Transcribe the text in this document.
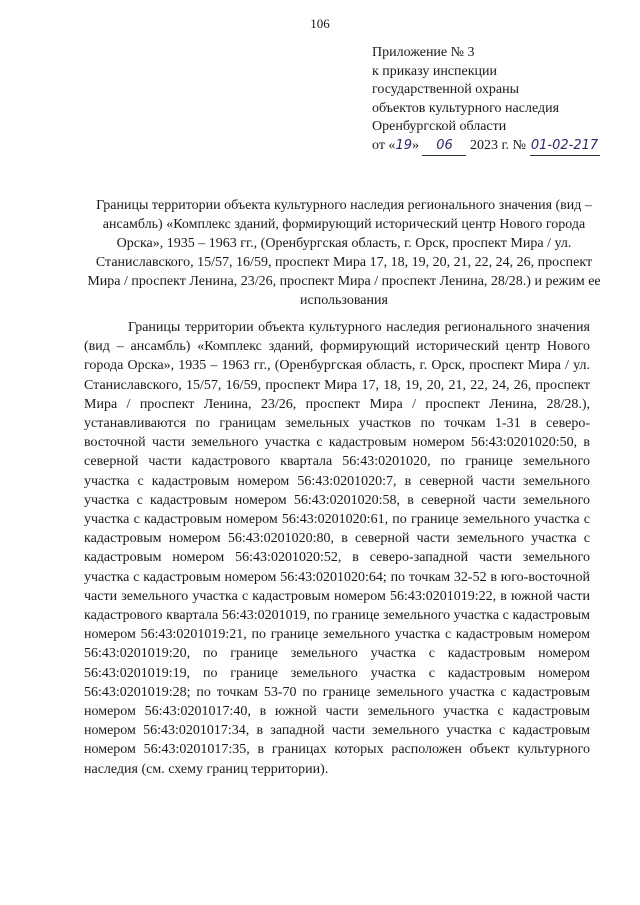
106
Приложение № 3
к приказу инспекции
государственной охраны
объектов культурного наследия
Оренбургской области
от «19» 06 2023 г. № 01-02-217
Границы территории объекта культурного наследия регионального значения (вид – ансамбль) «Комплекс зданий, формирующий исторический центр Нового города Орска», 1935 – 1963 гг., (Оренбургская область, г. Орск, проспект Мира / ул. Станиславского, 15/57, 16/59, проспект Мира 17, 18, 19, 20, 21, 22, 24, 26, проспект Мира / проспект Ленина, 23/26, проспект Мира / проспект Ленина, 28/28.) и режим ее использования
Границы территории объекта культурного наследия регионального значения (вид – ансамбль) «Комплекс зданий, формирующий исторический центр Нового города Орска», 1935 – 1963 гг., (Оренбургская область, г. Орск, проспект Мира / ул. Станиславского, 15/57, 16/59, проспект Мира 17, 18, 19, 20, 21, 22, 24, 26, проспект Мира / проспект Ленина, 23/26, проспект Мира / проспект Ленина, 28/28.), устанавливаются по границам земельных участков по точкам 1-31 в северо-восточной части земельного участка с кадастровым номером 56:43:0201020:50, в северной части кадастрового квартала 56:43:0201020, по границе земельного участка с кадастровым номером 56:43:0201020:7, в северной части земельного участка с кадастровым номером 56:43:0201020:58, в северной части земельного участка с кадастровым номером 56:43:0201020:61, по границе земельного участка с кадастровым номером 56:43:0201020:80, в северной части земельного участка с кадастровым номером 56:43:0201020:52, в северо-западной части земельного участка с кадастровым номером 56:43:0201020:64; по точкам 32-52 в юго-восточной части земельного участка с кадастровым номером 56:43:0201019:22, в южной части кадастрового квартала 56:43:0201019, по границе земельного участка с кадастровым номером 56:43:0201019:21, по границе земельного участка с кадастровым номером 56:43:0201019:20, по границе земельного участка с кадастровым номером 56:43:0201019:19, по границе земельного участка с кадастровым номером 56:43:0201019:28; по точкам 53-70 по границе земельного участка с кадастровым номером 56:43:0201017:40, в южной части земельного участка с кадастровым номером 56:43:0201017:34, в западной части земельного участка с кадастровым номером 56:43:0201017:35, в границах которых расположен объект культурного наследия (см. схему границ территории).
